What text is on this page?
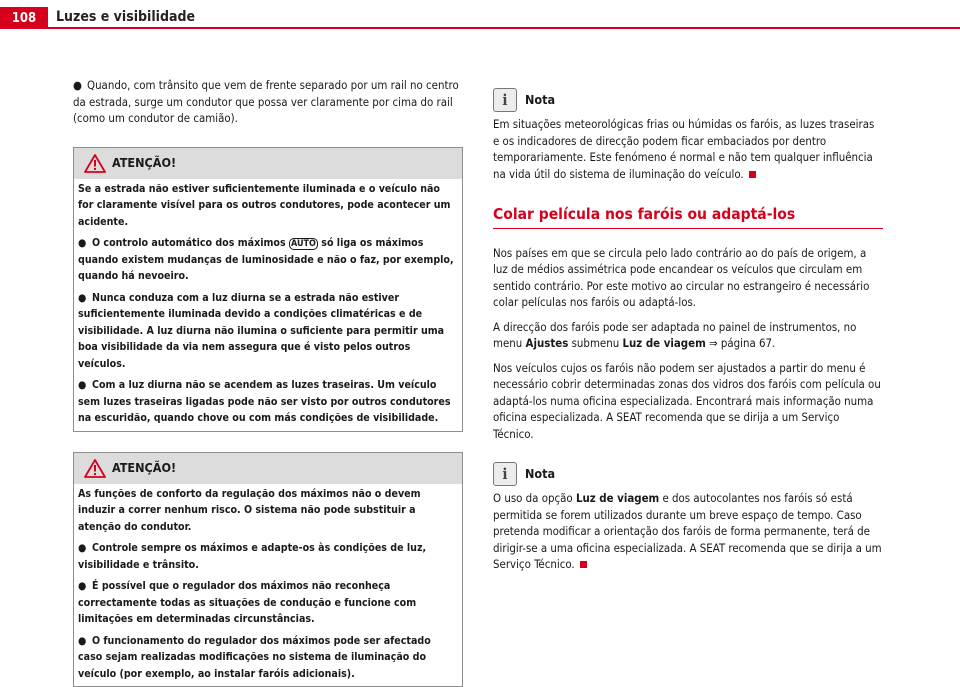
108	Luzes e visibilidade

● Quando, com trânsito que vem de frente separado por um rail no centro da estrada, surge um condutor que possa ver claramente por cima do rail (como um condutor de camião).

ATENÇÃO!

Se a estrada não estiver suficientemente iluminada e o veículo não for claramente visível para os outros condutores, pode acontecer um acidente.

● O controlo automático dos máximos AUTO só liga os máximos quando existem mudanças de luminosidade e não o faz, por exemplo, quando há nevoeiro.

● Nunca conduza com a luz diurna se a estrada não estiver suficientemente iluminada devido a condições climatéricas e de visibilidade. A luz diurna não ilumina o suficiente para permitir uma boa visibilidade da via nem assegura que é visto pelos outros veículos.

● Com a luz diurna não se acendem as luzes traseiras. Um veículo sem luzes traseiras ligadas pode não ser visto por outros condutores na escuridão, quando chove ou com más condições de visibilidade.

ATENÇÃO!

As funções de conforto da regulação dos máximos não o devem induzir a correr nenhum risco. O sistema não pode substituir a atenção do condutor.

● Controle sempre os máximos e adapte-os às condições de luz, visibilidade e trânsito.

● É possível que o regulador dos máximos não reconheça correctamente todas as situações de condução e funcione com limitações em determinadas circunstâncias.

● O funcionamento do regulador dos máximos pode ser afectado caso sejam realizadas modificações no sistema de iluminação do veículo (por exemplo, ao instalar faróis adicionais).

i	Nota

Em situações meteorológicas frias ou húmidas os faróis, as luzes traseiras e os indicadores de direcção podem ficar embaciados por dentro temporariamente. Este fenómeno é normal e não tem qualquer influência na vida útil do sistema de iluminação do veículo.

Colar película nos faróis ou adaptá-los

Nos países em que se circula pelo lado contrário ao do país de origem, a luz de médios assimétrica pode encandear os veículos que circulam em sentido contrário. Por este motivo ao circular no estrangeiro é necessário colar películas nos faróis ou adaptá-los.

A direcção dos faróis pode ser adaptada no painel de instrumentos, no menu Ajustes submenu Luz de viagem ⇒ página 67.

Nos veículos cujos os faróis não podem ser ajustados a partir do menu é necessário cobrir determinadas zonas dos vidros dos faróis com película ou adaptá-los numa oficina especializada. Encontrará mais informação numa oficina especializada. A SEAT recomenda que se dirija a um Serviço Técnico.

i	Nota

O uso da opção Luz de viagem e dos autocolantes nos faróis só está permitida se forem utilizados durante um breve espaço de tempo. Caso pretenda modificar a orientação dos faróis de forma permanente, terá de dirigir-se a uma oficina especializada. A SEAT recomenda que se dirija a um Serviço Técnico.
